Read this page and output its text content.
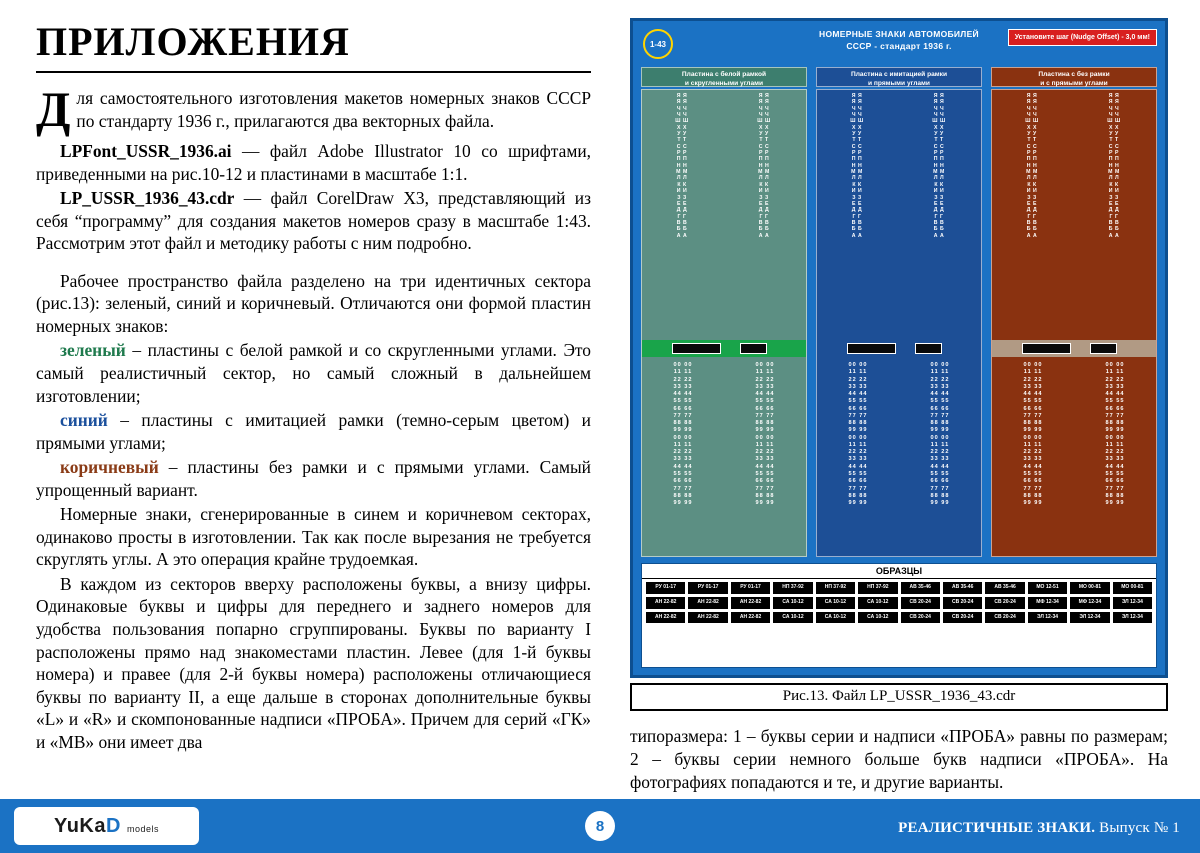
ПРИЛОЖЕНИЯ
Для самостоятельного изготовления макетов номерных знаков СССР по стандарту 1936 г., прилагаются два векторных файла.

LPFont_USSR_1936.ai — файл Adobe Illustrator 10 со шрифтами, приведенными на рис.10-12 и пластинами в масштабе 1:1.

LP_USSR_1936_43.cdr — файл CorelDraw X3, представляющий из себя “программу” для создания макетов номеров сразу в масштабе 1:43. Рассмотрим этот файл и методику работы с ним подробно.

Рабочее пространство файла разделено на три идентичных сектора (рис.13): зеленый, синий и коричневый. Отличаются они формой пластин номерных знаков:

зеленый – пластины с белой рамкой и со скругленными углами. Это самый реалистичный сектор, но самый сложный в дальнейшем изготовлении;

синий – пластины с имитацией рамки (темно-серым цветом) и прямыми углами;

коричневый – пластины без рамки и с прямыми углами. Самый упрощенный вариант.

Номерные знаки, сгенерированные в синем и коричневом секторах, одинаково просты в изготовлении. Так как после вырезания не требуется скруглять углы. А это операция крайне трудоемкая.

В каждом из секторов вверху расположены буквы, а внизу цифры. Одинаковые буквы и цифры для переднего и заднего номеров для удобства пользования попарно сгруппированы. Буквы по варианту I расположены прямо над знакоместами пластин. Левее (для 1-й буквы номера) и правее (для 2-й буквы номера) расположены отличающиеся буквы по варианту II, а еще дальше в сторонах дополнительные буквы «L» и «R» и скомпонованные надписи «ПРОБА». Причем для серий «ГК» и «МВ» они имеет два

1-43
НОМЕРНЫЕ ЗНАКИ АВТОМОБИЛЕЙ
СССР - стандарт 1936 г.
Установите шаг (Nudge Offset) - 3,0 мм!
Пластина с белой рамкой
и скругленными углами
ЯЯ
ЯЯ
ЧЧ
ЧЧ
ШШ
ХХ
УУ
ТТ
СС
РР
ПП
НН
ММ
ЛЛ
КК
ИИ
ЗЗ
ЕЕ
ДД
ГГ
ВВ
ББ
АА
ЯЯ
ЯЯ
ЧЧ
ЧЧ
ШШ
ХХ
УУ
ТТ
СС
РР
ПП
НН
ММ
ЛЛ
КК
ИИ
ЗЗ
ЕЕ
ДД
ГГ
ВВ
ББ
АА
00 00
11 11
22 22
33 33
44 44
55 55
66 66
77 77
88 88
99 99
00 00
11 11
22 22
33 33
44 44
55 55
66 66
77 77
88 88
99 99
00 00
11 11
22 22
33 33
44 44
55 55
66 66
77 77
88 88
99 99
00 00
11 11
22 22
33 33
44 44
55 55
66 66
77 77
88 88
99 99
Пластина с имитацией рамки
и прямыми углами
ЯЯ
ЯЯ
ЧЧ
ЧЧ
ШШ
ХХ
УУ
ТТ
СС
РР
ПП
НН
ММ
ЛЛ
КК
ИИ
ЗЗ
ЕЕ
ДД
ГГ
ВВ
ББ
АА
ЯЯ
ЯЯ
ЧЧ
ЧЧ
ШШ
ХХ
УУ
ТТ
СС
РР
ПП
НН
ММ
ЛЛ
КК
ИИ
ЗЗ
ЕЕ
ДД
ГГ
ВВ
ББ
АА
00 00
11 11
22 22
33 33
44 44
55 55
66 66
77 77
88 88
99 99
00 00
11 11
22 22
33 33
44 44
55 55
66 66
77 77
88 88
99 99
00 00
11 11
22 22
33 33
44 44
55 55
66 66
77 77
88 88
99 99
00 00
11 11
22 22
33 33
44 44
55 55
66 66
77 77
88 88
99 99
Пластина с без рамки
и с прямыми углами
ЯЯ
ЯЯ
ЧЧ
ЧЧ
ШШ
ХХ
УУ
ТТ
СС
РР
ПП
НН
ММ
ЛЛ
КК
ИИ
ЗЗ
ЕЕ
ДД
ГГ
ВВ
ББ
АА
ЯЯ
ЯЯ
ЧЧ
ЧЧ
ШШ
ХХ
УУ
ТТ
СС
РР
ПП
НН
ММ
ЛЛ
КК
ИИ
ЗЗ
ЕЕ
ДД
ГГ
ВВ
ББ
АА
00 00
11 11
22 22
33 33
44 44
55 55
66 66
77 77
88 88
99 99
00 00
11 11
22 22
33 33
44 44
55 55
66 66
77 77
88 88
99 99
00 00
11 11
22 22
33 33
44 44
55 55
66 66
77 77
88 88
99 99
00 00
11 11
22 22
33 33
44 44
55 55
66 66
77 77
88 88
99 99
ОБРАЗЦЫ
РУ 01-17	РУ 01-17	РУ 01-17	НП 37-92	НП 37-92	НП 37-92	АВ 35-46	АВ 35-46	АВ 35-46	МО 12-51	МО 00-81	МО 00-81
АН 22-82	АН 22-82	АН 22-82	СА 10-12	СА 10-12	СА 10-12	СВ 20-24	СВ 20-24	СВ 20-24	МФ 12-34	МФ 12-34	ЭЛ 12-34
АН 22-82	АН 22-82	АН 22-82	СА 10-12	СА 10-12	СА 10-12	СВ 20-24	СВ 20-24	СВ 20-24	ЭЛ 12-34	ЭЛ 12-34	ЭЛ 12-34
Рис.13. Файл LP_USSR_1936_43.cdr

типоразмера: 1 – буквы серии и надписи «ПРОБА» равны по размерам; 2 – буквы серии немного больше букв надписи «ПРОБА». На фотографиях попадаются и те, и другие варианты.

YuKaD models	8	РЕАЛИСТИЧНЫЕ ЗНАКИ. Выпуск № 1
